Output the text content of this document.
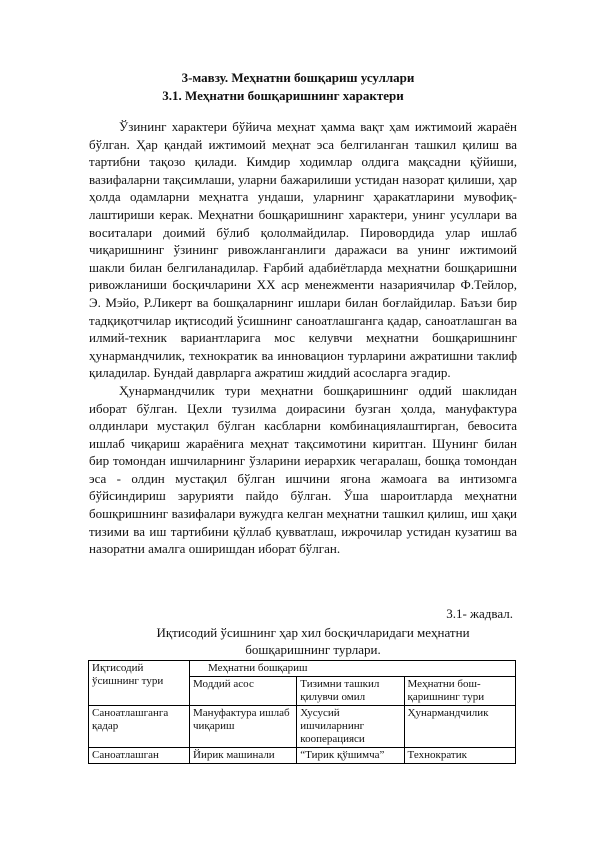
3-мавзу. Меҳнатни бошқариш усуллари
3.1. Меҳнатни бошқаришнинг характери

Ўзининг характери бўйича меҳнат ҳамма вақт ҳам ижтимоий жараён бўлган. Ҳар қандай ижтимоий меҳнат эса белгиланган ташкил қилиш ва тартибни тақозо қилади. Кимдир ходимлар олдига мақсадни қўйиши, вазифаларни тақсимлаши, уларни бажарилиши устидан назорат қилиши, ҳар ҳолда одамларни меҳнатга ундаши, уларнинг ҳаракатларини мувофиқ- лаштириши керак. Меҳнатни бошқаришнинг характери, унинг усуллари ва воситалари доимий бўлиб қололмайдилар. Пировордида улар ишлаб чиқаришнинг ўзининг ривожланганлиги даражаси ва унинг ижтимоий шакли билан белгиланадилар. Ғарбий адабиётларда меҳнатни бошқаришни ривожланиши босқичларини ХХ аср менежменти назариячилар Ф.Тейлор, Э. Мэйо, Р.Ликерт ва бошқаларнинг ишлари билан боғлайдилар. Баъзи бир тадқиқотчилар иқтисодий ўсишнинг саноатлашганга қадар, саноатлашган ва илмий-техник вариантларига мос келувчи меҳнатни бошқаришнинг ҳунармандчилик, технократик ва инновацион турларини ажратишни таклиф қиладилар. Бундай даврларга ажратиш жиддий асосларга эгадир.

Ҳунармандчилик тури меҳнатни бошқаришнинг оддий шаклидан иборат бўлган. Цехли тузилма доирасини бузган ҳолда, мануфактура олдинлари мустақил бўлган касбларни комбинациялаштирган, бевосита ишлаб чиқариш жараёнига меҳнат тақсимотини киритган. Шунинг билан бир томондан ишчиларнинг ўзларини иерархик чегаралаш, бошқа томондан эса - олдин мустақил бўлган ишчини ягона жамоага ва интизомга бўйсиндириш зарурияти пайдо бўлган. Ўша шароитларда меҳнатни бошқришнинг вазифалари вужудга келган меҳнатни ташкил қилиш, иш ҳақи тизими ва иш тартибини қўллаб қувватлаш, ижрочилар устидан кузатиш ва назоратни амалга оширишдан иборат бўлган.

3.1- жадвал.
Иқтисодий ўсишнинг ҳар хил босқичларидаги меҳнатни
бошқаришнинг турлари.
Иқтисодий ўсишнинг тури	Меҳнатни бошқариш		
	Моддий асос	Тизимни ташкил қилувчи омил	Меҳнатни бош- қаришнинг тури
Саноатлашганга қадар	Мануфактура ишлаб чиқариш	Хусусий ишчиларнинг кооперацияси	Ҳунармандчилик
Саноатлашган	Йирик машинали	“Тирик қўшимча”	Технократик
